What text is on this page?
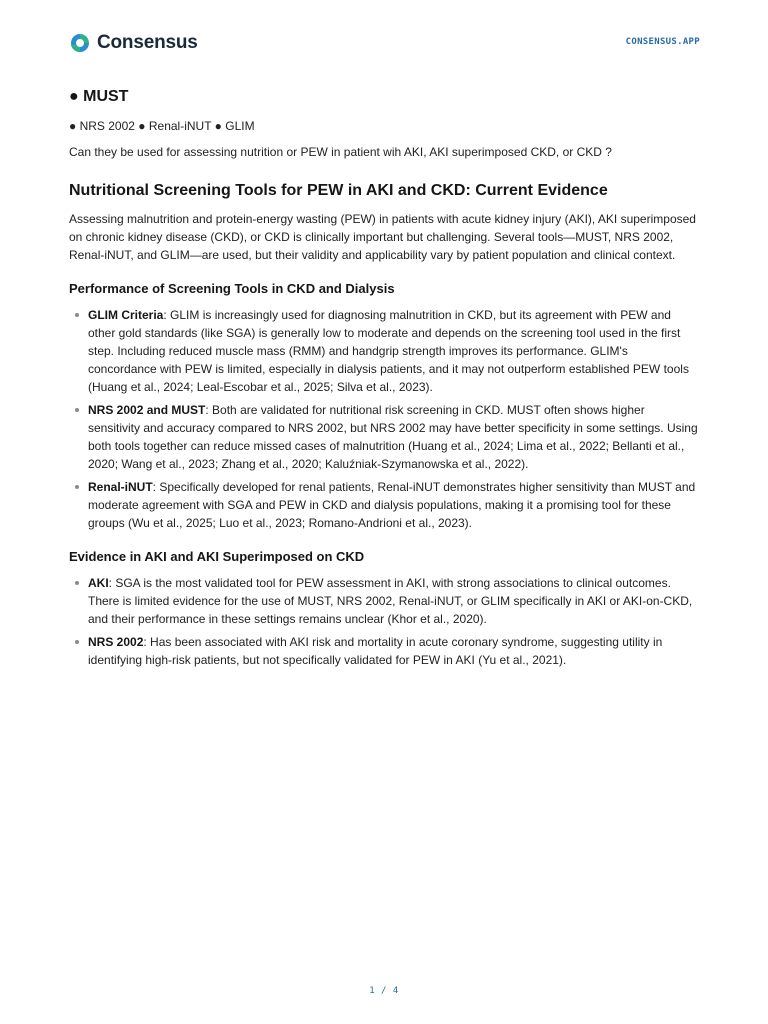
Consensus	CONSENSUS.APP
● MUST

● NRS 2002 ● Renal-iNUT ● GLIM

Can they be used for assessing nutrition or PEW in patient wih AKI, AKI superimposed CKD, or CKD ?

Nutritional Screening Tools for PEW in AKI and CKD: Current Evidence

Assessing malnutrition and protein-energy wasting (PEW) in patients with acute kidney injury (AKI), AKI superimposed on chronic kidney disease (CKD), or CKD is clinically important but challenging. Several tools—MUST, NRS 2002, Renal-iNUT, and GLIM—are used, but their validity and applicability vary by patient population and clinical context.

Performance of Screening Tools in CKD and Dialysis
GLIM Criteria: GLIM is increasingly used for diagnosing malnutrition in CKD, but its agreement with PEW and other gold standards (like SGA) is generally low to moderate and depends on the screening tool used in the first step. Including reduced muscle mass (RMM) and handgrip strength improves its performance. GLIM's concordance with PEW is limited, especially in dialysis patients, and it may not outperform established PEW tools (Huang et al., 2024; Leal-Escobar et al., 2025; Silva et al., 2023).
NRS 2002 and MUST: Both are validated for nutritional risk screening in CKD. MUST often shows higher sensitivity and accuracy compared to NRS 2002, but NRS 2002 may have better specificity in some settings. Using both tools together can reduce missed cases of malnutrition (Huang et al., 2024; Lima et al., 2022; Bellanti et al., 2020; Wang et al., 2023; Zhang et al., 2020; Kaluźniak-Szymanowska et al., 2022).
Renal-iNUT: Specifically developed for renal patients, Renal-iNUT demonstrates higher sensitivity than MUST and moderate agreement with SGA and PEW in CKD and dialysis populations, making it a promising tool for these groups (Wu et al., 2025; Luo et al., 2023; Romano-Andrioni et al., 2023).
Evidence in AKI and AKI Superimposed on CKD
AKI: SGA is the most validated tool for PEW assessment in AKI, with strong associations to clinical outcomes. There is limited evidence for the use of MUST, NRS 2002, Renal-iNUT, or GLIM specifically in AKI or AKI-on-CKD, and their performance in these settings remains unclear (Khor et al., 2020).
NRS 2002: Has been associated with AKI risk and mortality in acute coronary syndrome, suggesting utility in identifying high-risk patients, but not specifically validated for PEW in AKI (Yu et al., 2021).
1 / 4
